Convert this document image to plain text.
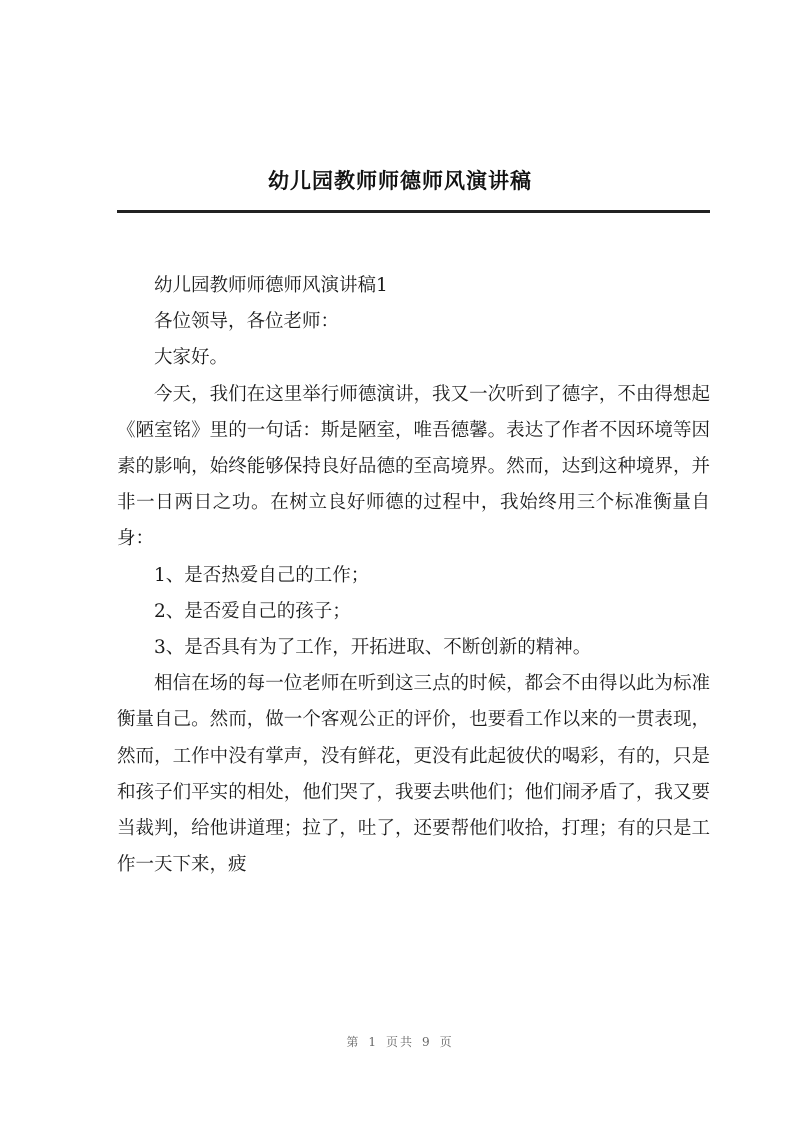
幼儿园教师师德师风演讲稿

幼儿园教师师德师风演讲稿1

各位领导，各位老师：

大家好。

今天，我们在这里举行师德演讲，我又一次听到了德字，不由得想起《陋室铭》里的一句话：斯是陋室，唯吾德馨。表达了作者不因环境等因素的影响，始终能够保持良好品德的至高境界。然而，达到这种境界，并非一日两日之功。在树立良好师德的过程中，我始终用三个标准衡量自身：

1、是否热爱自己的工作；

2、是否爱自己的孩子；

3、是否具有为了工作，开拓进取、不断创新的精神。

相信在场的每一位老师在听到这三点的时候，都会不由得以此为标准衡量自己。然而，做一个客观公正的评价，也要看工作以来的一贯表现，然而，工作中没有掌声，没有鲜花，更没有此起彼伏的喝彩，有的，只是和孩子们平实的相处，他们哭了，我要去哄他们；他们闹矛盾了，我又要当裁判，给他讲道理；拉了，吐了，还要帮他们收拾，打理；有的只是工作一天下来，疲

第 1 页共 9 页
